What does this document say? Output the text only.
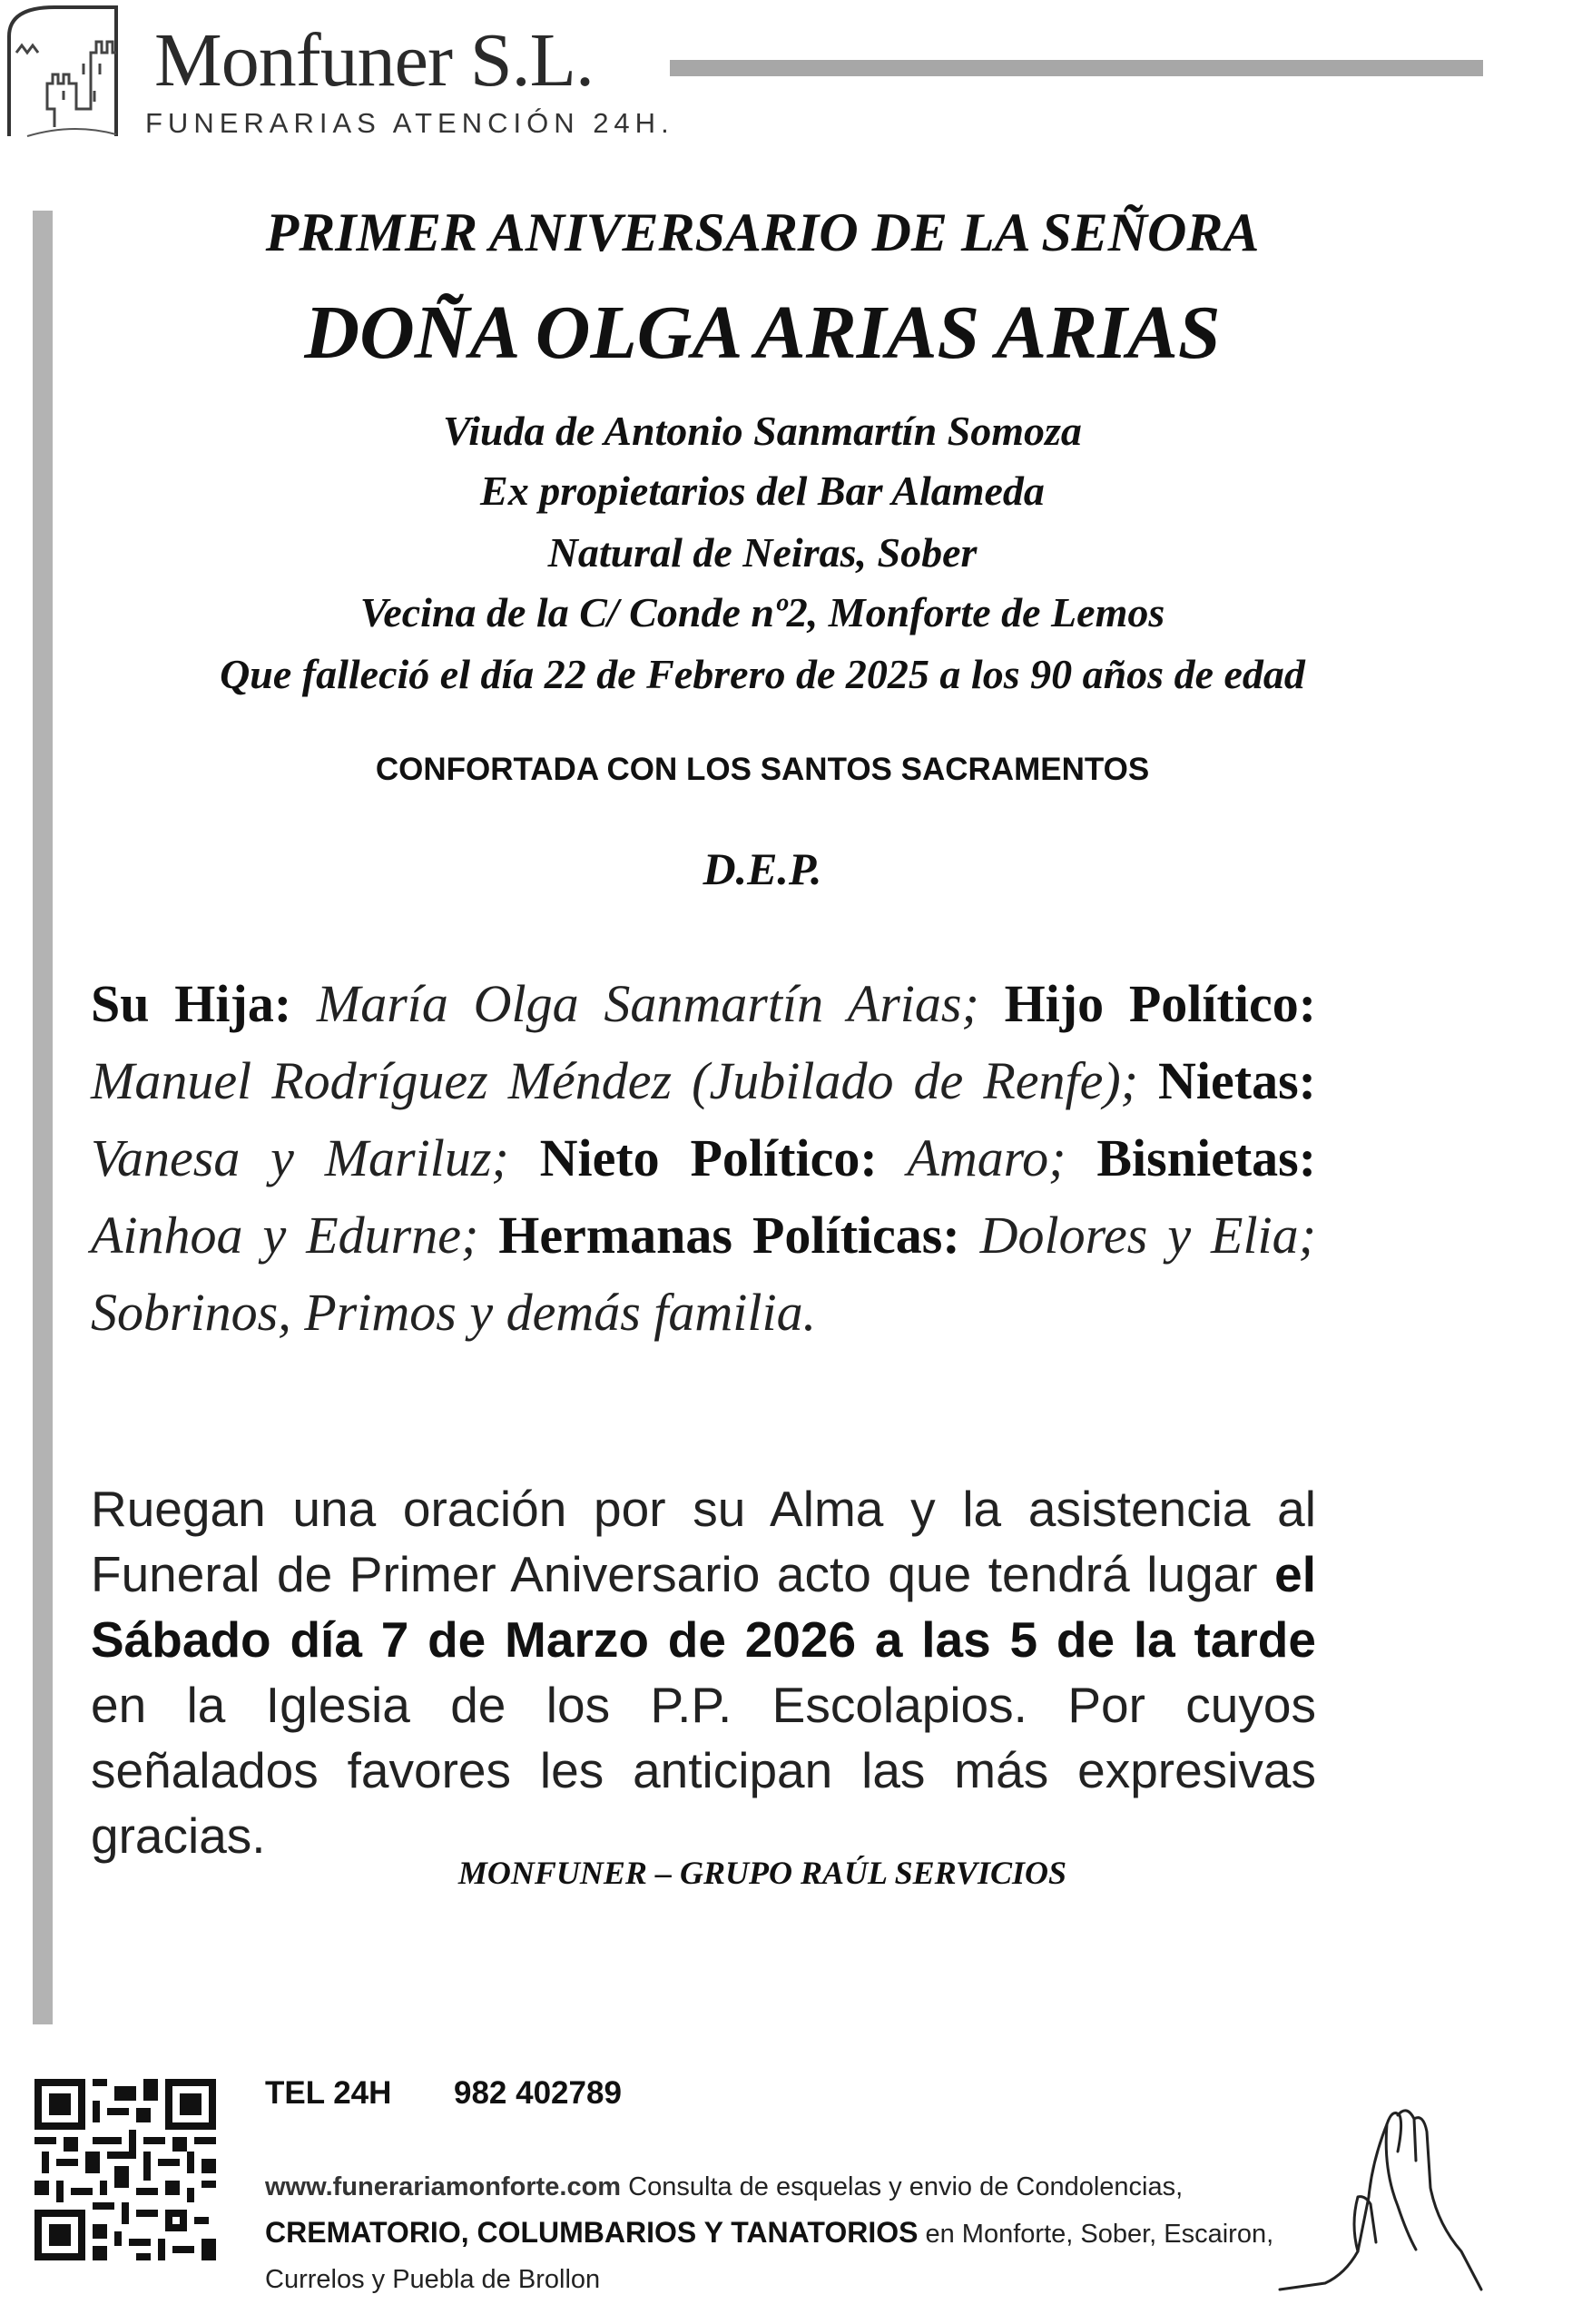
Monfuner S.L.
FUNERARIAS ATENCIÓN 24H.
PRIMER ANIVERSARIO DE LA SEÑORA
DOÑA OLGA ARIAS ARIAS
Viuda de Antonio Sanmartín Somoza
Ex propietarios del Bar Alameda
Natural de Neiras, Sober
Vecina de la C/ Conde nº2, Monforte de Lemos
Que falleció el día 22 de Febrero de 2025 a los 90 años de edad
CONFORTADA CON LOS SANTOS SACRAMENTOS
D.E.P.
Su Hija: María Olga Sanmartín Arias; Hijo Político: Manuel Rodríguez Méndez (Jubilado de Renfe); Nietas: Vanesa y Mariluz; Nieto Político: Amaro; Bisnietas: Ainhoa y Edurne; Hermanas Políticas: Dolores y Elia; Sobrinos, Primos y demás familia.
Ruegan una oración por su Alma y la asistencia al Funeral de Primer Aniversario acto que tendrá lugar el Sábado día 7 de Marzo de 2026 a las 5 de la tarde en la Iglesia de los P.P. Escolapios. Por cuyos señalados favores les anticipan las más expresivas gracias.
MONFUNER – GRUPO RAÚL SERVICIOS
TEL 24H 982 402789
www.funerariamonforte.com Consulta de esquelas y envio de Condolencias, CREMATORIO, COLUMBARIOS Y TANATORIOS en Monforte, Sober, Escairon, Currelos y Puebla de Brollon
